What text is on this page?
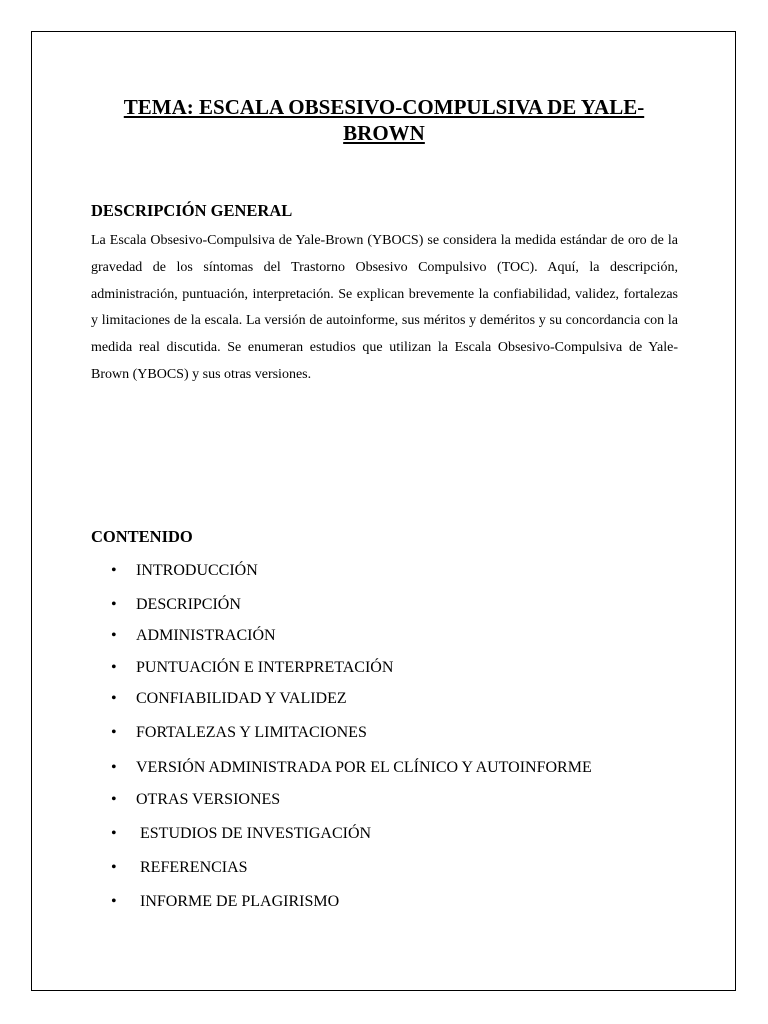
TEMA: ESCALA OBSESIVO-COMPULSIVA DE YALE-
BROWN
DESCRIPCIÓN GENERAL

La Escala Obsesivo-Compulsiva de Yale-Brown (YBOCS) se considera la medida estándar de oro de la gravedad de los síntomas del Trastorno Obsesivo Compulsivo (TOC). Aquí, la descripción, administración, puntuación, interpretación. Se explican brevemente la confiabilidad, validez, fortalezas y limitaciones de la escala. La versión de autoinforme, sus méritos y deméritos y su concordancia con la medida real discutida. Se enumeran estudios que utilizan la Escala Obsesivo-Compulsiva de Yale-Brown (YBOCS) y sus otras versiones.

CONTENIDO
• INTRODUCCIÓN
• DESCRIPCIÓN
• ADMINISTRACIÓN
• PUNTUACIÓN E INTERPRETACIÓN
• CONFIABILIDAD Y VALIDEZ
• FORTALEZAS Y LIMITACIONES
• VERSIÓN ADMINISTRADA POR EL CLÍNICO Y AUTOINFORME
• OTRAS VERSIONES
• ESTUDIOS DE INVESTIGACIÓN
• REFERENCIAS
• INFORME DE PLAGIRISMO
